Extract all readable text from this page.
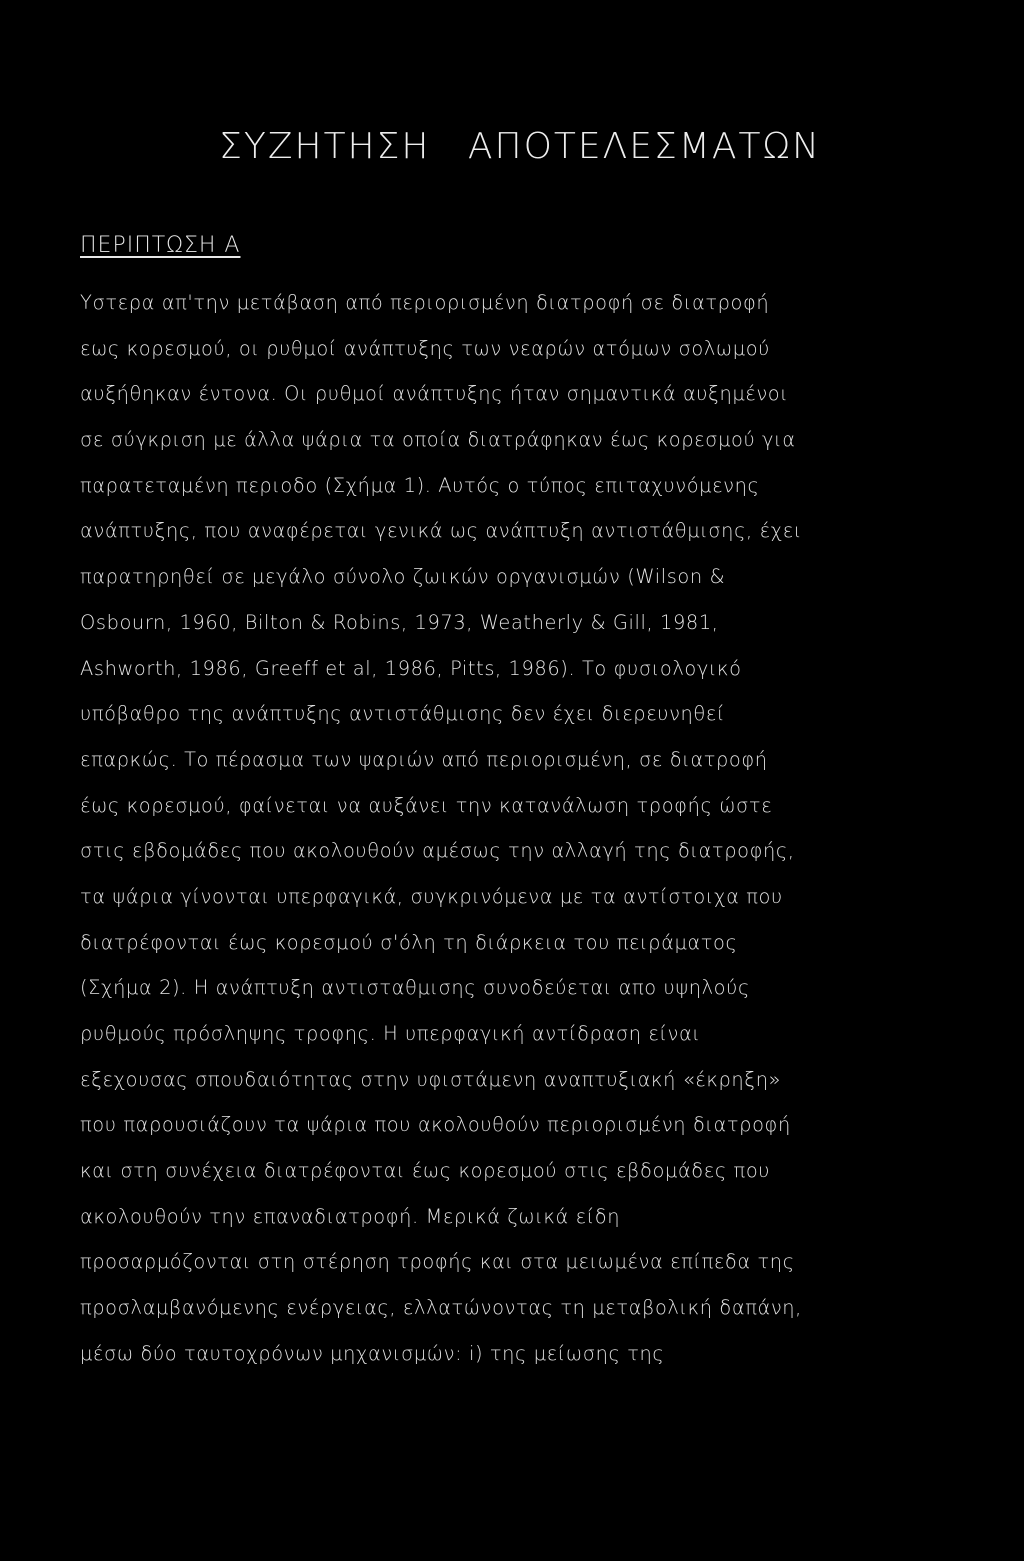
ΣΥΖΗΤΗΣΗ ΑΠΟΤΕΛΕΣΜΑΤΩΝ
ΠΕΡΙΠΤΩΣΗ Α
Υστερα απ'την μετάβαση από περιορισμένη διατροφή σε διατροφή
εως κορεσμού, οι ρυθμοί ανάπτυξης των νεαρών ατόμων σολωμού
αυξήθηκαν έντονα. Οι ρυθμοί ανάπτυξης ήταν σημαντικά αυξημένοι
σε σύγκριση με άλλα ψάρια τα οποία διατράφηκαν έως κορεσμού για
παρατεταμένη περιοδο (Σχήμα 1). Αυτός ο τύπος επιταχυνόμενης
ανάπτυξης, που αναφέρεται γενικά ως ανάπτυξη αντιστάθμισης, έχει
παρατηρηθεί σε μεγάλο σύνολο ζωικών οργανισμών (Wilson &
Osbourn, 1960, Bilton & Robins, 1973, Weatherly & Gill, 1981,
Ashworth, 1986, Greeff et al, 1986, Pitts, 1986). Το φυσιολογικό
υπόβαθρο της ανάπτυξης αντιστάθμισης δεν έχει διερευνηθεί
επαρκώς. Το πέρασμα των ψαριών από περιορισμένη, σε διατροφή
έως κορεσμού, φαίνεται να αυξάνει την κατανάλωση τροφής ώστε
στις εβδομάδες που ακολουθούν αμέσως την αλλαγή της διατροφής,
τα ψάρια γίνονται υπερφαγικά, συγκρινόμενα με τα αντίστοιχα που
διατρέφονται έως κορεσμού σ'όλη τη διάρκεια του πειράματος
(Σχήμα 2). Η ανάπτυξη αντισταθμισης συνοδεύεται απο υψηλούς
ρυθμούς πρόσληψης τροφης. Η υπερφαγική αντίδραση είναι
εξεχουσας σπουδαιότητας στην υφιστάμενη αναπτυξιακή «έκρηξη»
που παρουσιάζουν τα ψάρια που ακολουθούν περιορισμένη διατροφή
και στη συνέχεια διατρέφονται έως κορεσμού στις εβδομάδες που
ακολουθούν την επαναδιατροφή. Μερικά ζωικά είδη
προσαρμόζονται στη στέρηση τροφής και στα μειωμένα επίπεδα της
προσλαμβανόμενης ενέργειας, ελλατώνοντας τη μεταβολική δαπάνη,
μέσω δύο ταυτοχρόνων μηχανισμών: i) της μείωσης της
